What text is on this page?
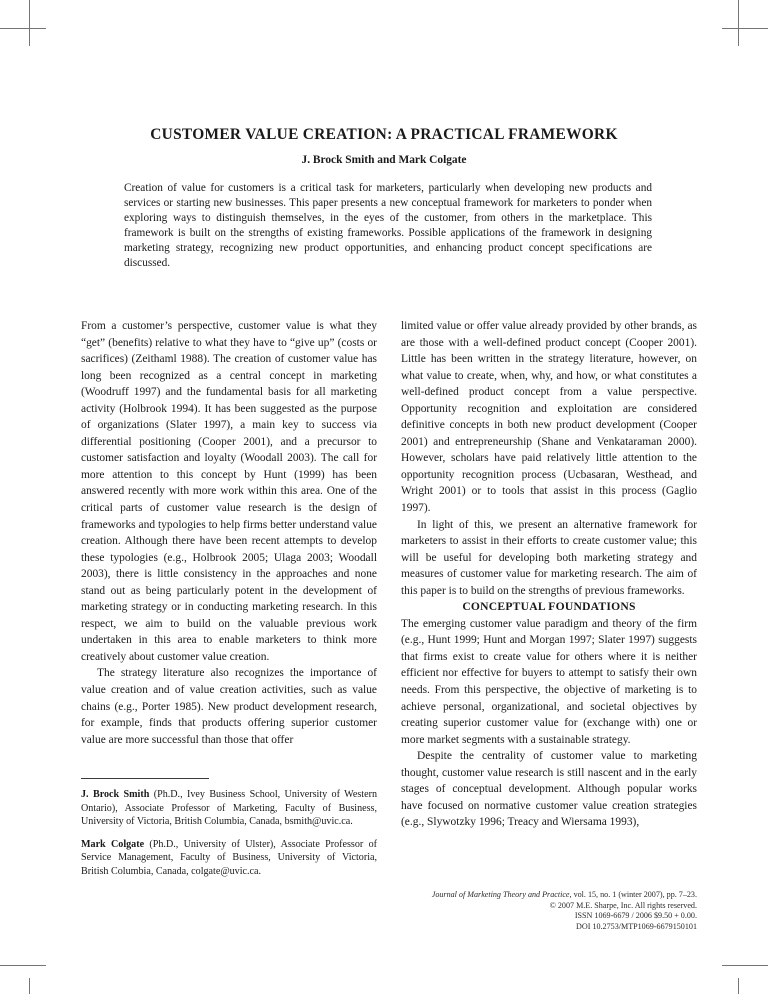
CUSTOMER VALUE CREATION: A PRACTICAL FRAMEWORK
J. Brock Smith and Mark Colgate
Creation of value for customers is a critical task for marketers, particularly when developing new products and services or starting new businesses. This paper presents a new conceptual framework for marketers to ponder when exploring ways to distinguish themselves, in the eyes of the customer, from others in the marketplace. This framework is built on the strengths of existing frameworks. Possible applications of the framework in designing marketing strategy, recognizing new product opportunities, and enhancing product concept specifications are discussed.

From a customer’s perspective, customer value is what they “get” (benefits) relative to what they have to “give up” (costs or sacrifices) (Zeithaml 1988). The creation of customer value has long been recognized as a central concept in marketing (Woodruff 1997) and the fundamental basis for all marketing activity (Holbrook 1994). It has been suggested as the purpose of organizations (Slater 1997), a main key to success via differential positioning (Cooper 2001), and a precursor to customer satisfaction and loyalty (Woodall 2003). The call for more attention to this concept by Hunt (1999) has been answered recently with more work within this area. One of the critical parts of customer value research is the design of frameworks and typologies to help firms better understand value creation. Although there have been recent attempts to develop these typologies (e.g., Holbrook 2005; Ulaga 2003; Woodall 2003), there is little consistency in the approaches and none stand out as being particularly potent in the development of marketing strategy or in conducting marketing research. In this respect, we aim to build on the valuable previous work undertaken in this area to enable marketers to think more creatively about customer value creation.

The strategy literature also recognizes the importance of value creation and of value creation activities, such as value chains (e.g., Porter 1985). New product development research, for example, finds that products offering superior customer value are more successful than those that offer

limited value or offer value already provided by other brands, as are those with a well-defined product concept (Cooper 2001). Little has been written in the strategy literature, however, on what value to create, when, why, and how, or what constitutes a well-defined product concept from a value perspective. Opportunity recognition and exploitation are considered definitive concepts in both new product development (Cooper 2001) and entrepreneurship (Shane and Venkataraman 2000). However, scholars have paid relatively little attention to the opportunity recognition process (Ucbasaran, Westhead, and Wright 2001) or to tools that assist in this process (Gaglio 1997).

In light of this, we present an alternative framework for marketers to assist in their efforts to create customer value; this will be useful for developing both marketing strategy and measures of customer value for marketing research. The aim of this paper is to build on the strengths of previous frameworks.

CONCEPTUAL FOUNDATIONS

The emerging customer value paradigm and theory of the firm (e.g., Hunt 1999; Hunt and Morgan 1997; Slater 1997) suggests that firms exist to create value for others where it is neither efficient nor effective for buyers to attempt to satisfy their own needs. From this perspective, the objective of marketing is to achieve personal, organizational, and societal objectives by creating superior customer value for (exchange with) one or more market segments with a sustainable strategy.

Despite the centrality of customer value to marketing thought, customer value research is still nascent and in the early stages of conceptual development. Although popular works have focused on normative customer value creation strategies (e.g., Slywotzky 1996; Treacy and Wiersama 1993),

J. Brock Smith (Ph.D., Ivey Business School, University of Western Ontario), Associate Professor of Marketing, Faculty of Business, University of Victoria, British Columbia, Canada, bsmith@uvic.ca.

Mark Colgate (Ph.D., University of Ulster), Associate Professor of Service Management, Faculty of Business, University of Victoria, British Columbia, Canada, colgate@uvic.ca.

Journal of Marketing Theory and Practice, vol. 15, no. 1 (winter 2007), pp. 7–23.
© 2007 M.E. Sharpe, Inc. All rights reserved.
ISSN 1069-6679 / 2006 $9.50 + 0.00.
DOI 10.2753/MTP1069-6679150101
